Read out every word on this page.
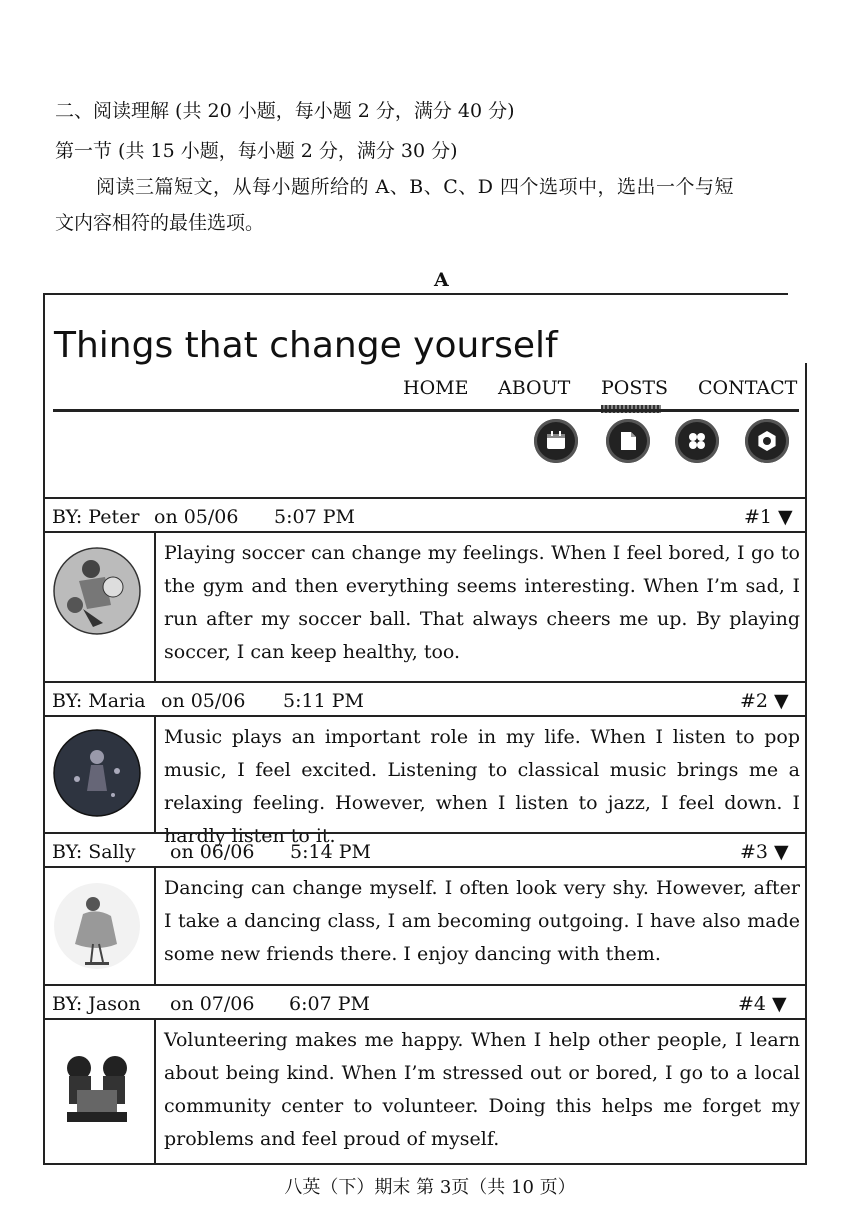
二、阅读理解 (共 20 小题，每小题 2 分，满分 40 分)
第一节 (共 15 小题，每小题 2 分，满分 30 分)
阅读三篇短文，从每小题所给的 A、B、C、D 四个选项中，选出一个与短
文内容相符的最佳选项。
A
Things that change yourself
HOME ABOUT POSTS CONTACT
BY: Peter on 05/06 5:07 PM	#1 ▼
Playing soccer can change my feelings. When I feel bored, I go to the gym and then everything seems interesting. When I’m sad, I run after my soccer ball. That always cheers me up. By playing soccer, I can keep healthy, too.
BY: Maria on 05/06 5:11 PM	#2 ▼
Music plays an important role in my life. When I listen to pop music, I feel excited. Listening to classical music brings me a relaxing feeling. However, when I listen to jazz, I feel down. I hardly listen to it.
BY: Sally on 06/06 5:14 PM	#3 ▼
Dancing can change myself. I often look very shy. However, after I take a dancing class, I am becoming outgoing. I have also made some new friends there. I enjoy dancing with them.
BY: Jason on 07/06 6:07 PM	#4 ▼
Volunteering makes me happy. When I help other people, I learn about being kind. When I’m stressed out or bored, I go to a local community center to volunteer. Doing this helps me forget my problems and feel proud of myself.
八英（下）期末 第 3页（共 10 页）
